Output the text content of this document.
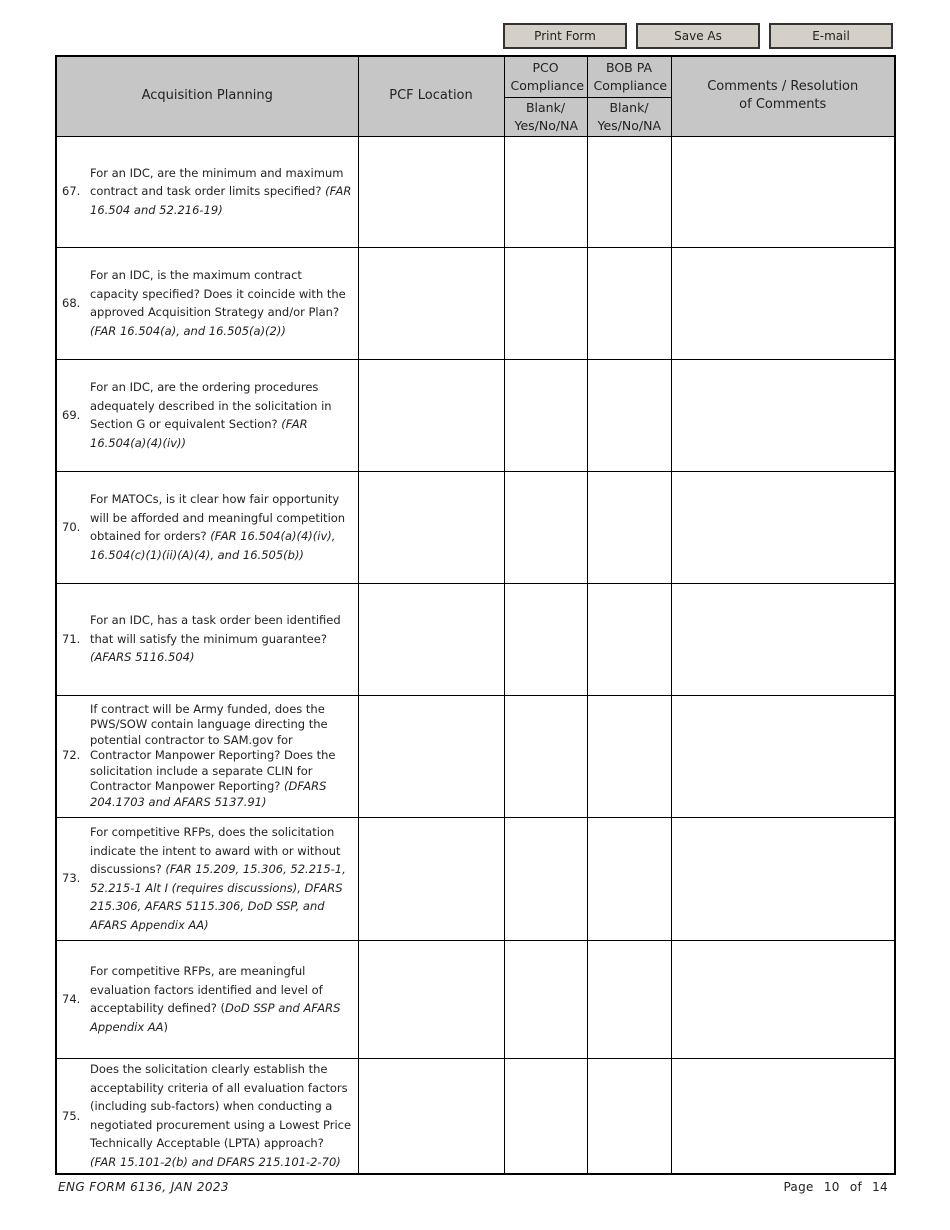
Print Form	Save As	E-mail
Acquisition Planning	PCF Location	PCO Compliance	BOB PA Compliance	Comments / Resolution of Comments
		Blank/ Yes/No/NA	Blank/ Yes/No/NA	

67.
For an IDC, are the minimum and maximum contract and task order limits specified? (FAR 16.504 and 52.216-19)				

68.
For an IDC, is the maximum contract capacity specified? Does it coincide with the approved Acquisition Strategy and/or Plan? (FAR 16.504(a), and 16.505(a)(2))				

69.
For an IDC, are the ordering procedures adequately described in the solicitation in Section G or equivalent Section? (FAR 16.504(a)(4)(iv))				

70.
For MATOCs, is it clear how fair opportunity will be afforded and meaningful competition obtained for orders? (FAR 16.504(a)(4)(iv), 16.504(c)(1)(ii)(A)(4), and 16.505(b))				

71.
For an IDC, has a task order been identified that will satisfy the minimum guarantee? (AFARS 5116.504)				

72.
If contract will be Army funded, does the PWS/SOW contain language directing the potential contractor to SAM.gov for Contractor Manpower Reporting? Does the solicitation include a separate CLIN for Contractor Manpower Reporting? (DFARS 204.1703 and AFARS 5137.91)				

73.
For competitive RFPs, does the solicitation indicate the intent to award with or without discussions? (FAR 15.209, 15.306, 52.215-1, 52.215-1 Alt I (requires discussions), DFARS 215.306, AFARS 5115.306, DoD SSP, and AFARS Appendix AA)				

74.
For competitive RFPs, are meaningful evaluation factors identified and level of acceptability defined? (DoD SSP and AFARS Appendix AA)				

75.
Does the solicitation clearly establish the acceptability criteria of all evaluation factors (including sub-factors) when conducting a negotiated procurement using a Lowest Price Technically Acceptable (LPTA) approach? (FAR 15.101-2(b) and DFARS 215.101-2-70)				

ENG FORM 6136, JAN 2023	Page 10 of 14
